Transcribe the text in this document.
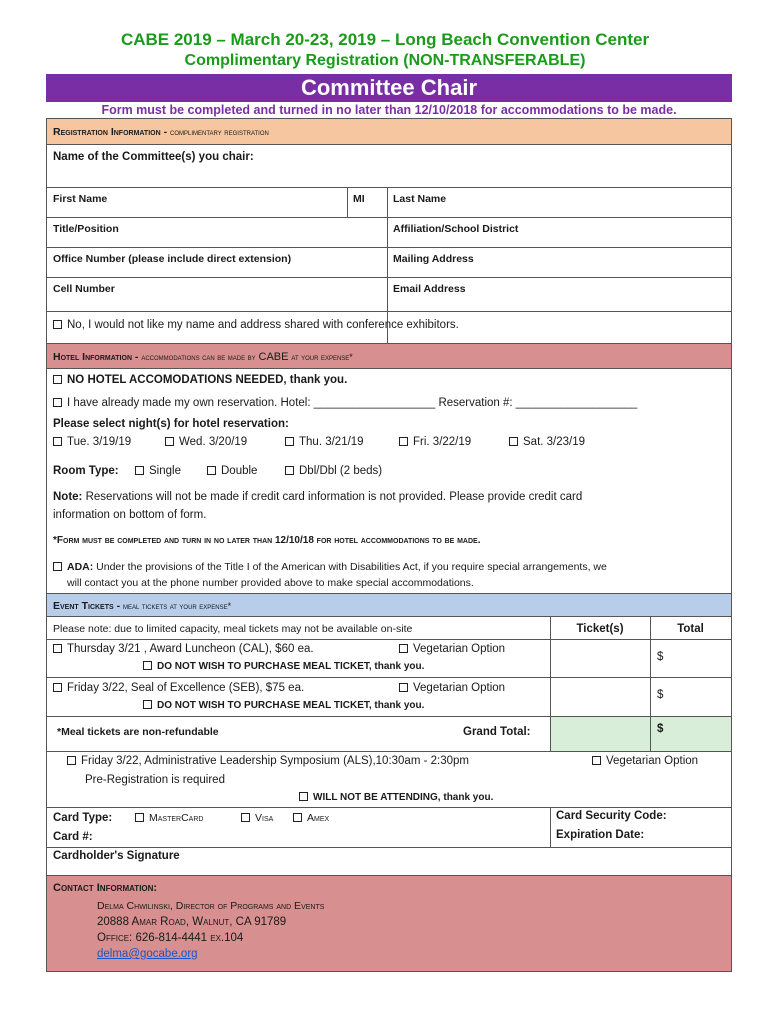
CABE 2019 – March 20-23, 2019 – Long Beach Convention Center
Complimentary Registration (NON-TRANSFERABLE)
Committee Chair
Form must be completed and turned in no later than 12/10/2018 for accommodations to be made.
Registration Information - complimentary registration
Name of the Committee(s) you chair:
First Name	MI	Last Name
Title/Position	Affiliation/School District
Office Number (please include direct extension)	Mailing Address
Cell Number	Email Address
No, I would not like my name and address shared with conference exhibitors.
Hotel Information - accommodations can be made by CABE at your expense*
NO HOTEL ACCOMODATIONS NEEDED, thank you.
I have already made my own reservation. Hotel: ___________________ Reservation #: ___________________
Please select night(s) for hotel reservation:
Tue. 3/19/19	Wed. 3/20/19	Thu. 3/21/19	Fri. 3/22/19	Sat. 3/23/19
Room Type:	Single	Double	Dbl/Dbl (2 beds)
Note: Reservations will not be made if credit card information is not provided. Please provide credit card
information on bottom of form.
*Form must be completed and turn in no later than 12/10/18 for hotel accommodations to be made.
ADA: Under the provisions of the Title I of the American with Disabilities Act, if you require special arrangements, we
will contact you at the phone number provided above to make special accommodations.
Event Tickets - meal tickets at your expense*
Please note: due to limited capacity, meal tickets may not be available on-site	Ticket(s)	Total
Thursday 3/21 , Award Luncheon (CAL), $60 ea.	Vegetarian Option
DO NOT WISH TO PURCHASE MEAL TICKET, thank you.
$
Friday 3/22, Seal of Excellence (SEB), $75 ea.	Vegetarian Option
DO NOT WISH TO PURCHASE MEAL TICKET, thank you.
$
*Meal tickets are non-refundable	Grand Total:	$
Friday 3/22, Administrative Leadership Symposium (ALS),10:30am - 2:30pm	Vegetarian Option
Pre-Registration is required
WILL NOT BE ATTENDING, thank you.
Card Type:	MasterCard	Visa	Amex	Card Security Code:
Card #:	Expiration Date:
Cardholder's Signature
Contact Information:
Delma Chwilinski, Director of Programs and Events
20888 Amar Road, Walnut, CA 91789
Office: 626-814-4441 ex.104
delma@gocabe.org
